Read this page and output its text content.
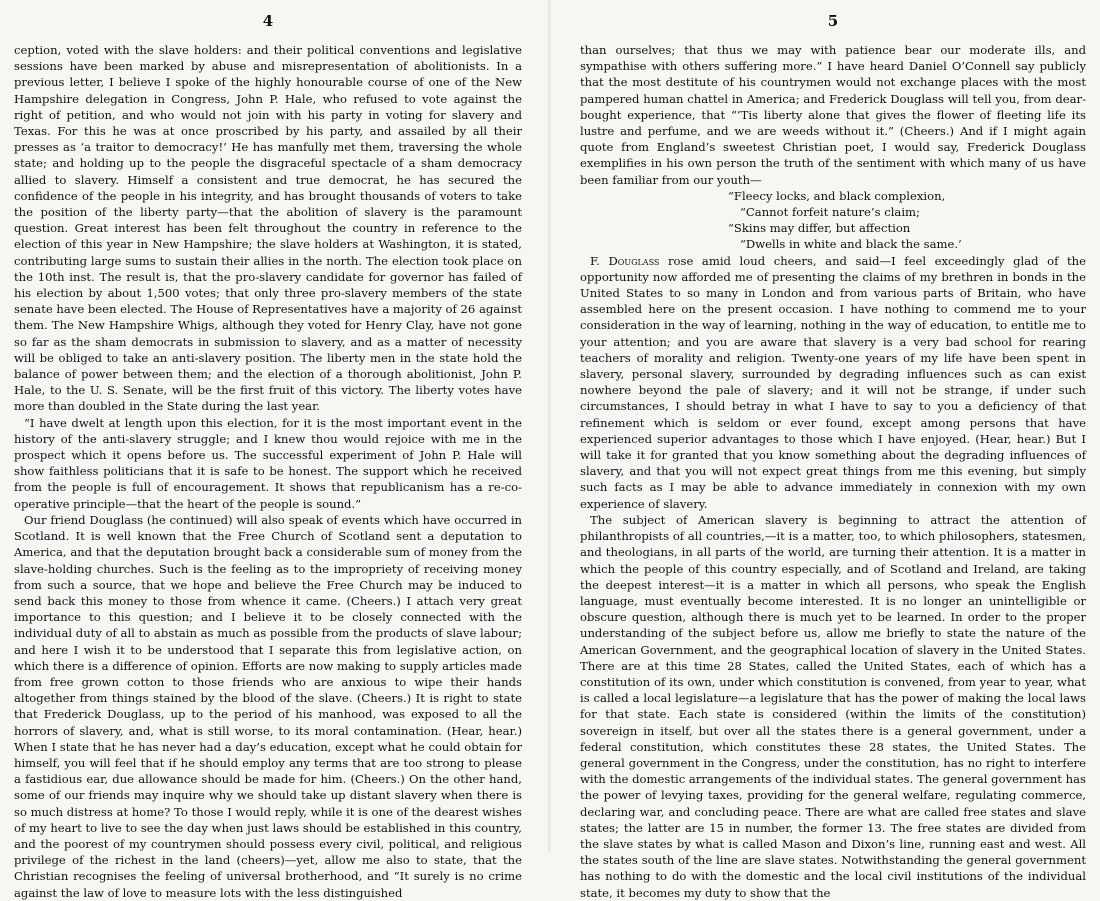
4

ception, voted with the slave holders: and their political conventions and legislative sessions have been marked by abuse and misrepresentation of abolitionists. In a previous letter, I believe I spoke of the highly honourable course of one of the New Hampshire delegation in Congress, John P. Hale, who refused to vote against the right of petition, and who would not join with his party in voting for slavery and Texas. For this he was at once proscribed by his party, and assailed by all their presses as ‘a traitor to democracy!’ He has manfully met them, traversing the whole state; and holding up to the people the disgraceful spectacle of a sham democracy allied to slavery. Himself a consistent and true democrat, he has secured the confidence of the people in his integrity, and has brought thousands of voters to take the position of the liberty party—that the abolition of slavery is the paramount question. Great interest has been felt throughout the country in reference to the election of this year in New Hampshire; the slave holders at Washington, it is stated, contributing large sums to sustain their allies in the north. The election took place on the 10th inst. The result is, that the pro-slavery candidate for governor has failed of his election by about 1,500 votes; that only three pro-slavery members of the state senate have been elected. The House of Representatives have a majority of 26 against them. The New Hampshire Whigs, although they voted for Henry Clay, have not gone so far as the sham democrats in submission to slavery, and as a matter of necessity will be obliged to take an anti-slavery position. The liberty men in the state hold the balance of power between them; and the election of a thorough abolitionist, John P. Hale, to the U. S. Senate, will be the first fruit of this victory. The liberty votes have more than doubled in the State during the last year.

“I have dwelt at length upon this election, for it is the most important event in the history of the anti-slavery struggle; and I knew thou would rejoice with me in the prospect which it opens before us. The successful experiment of John P. Hale will show faithless politicians that it is safe to be honest. The support which he received from the people is full of encouragement. It shows that republicanism has a re-co-operative principle—that the heart of the people is sound.”

Our friend Douglass (he continued) will also speak of events which have occurred in Scotland. It is well known that the Free Church of Scotland sent a deputation to America, and that the deputation brought back a considerable sum of money from the slave-holding churches. Such is the feeling as to the impropriety of receiving money from such a source, that we hope and believe the Free Church may be induced to send back this money to those from whence it came. (Cheers.) I attach very great importance to this question; and I believe it to be closely connected with the individual duty of all to abstain as much as possible from the products of slave labour; and here I wish it to be understood that I separate this from legislative action, on which there is a difference of opinion. Efforts are now making to supply articles made from free grown cotton to those friends who are anxious to wipe their hands altogether from things stained by the blood of the slave. (Cheers.) It is right to state that Frederick Douglass, up to the period of his manhood, was exposed to all the horrors of slavery, and, what is still worse, to its moral contamination. (Hear, hear.) When I state that he has never had a day’s education, except what he could obtain for himself, you will feel that if he should employ any terms that are too strong to please a fastidious ear, due allowance should be made for him. (Cheers.) On the other hand, some of our friends may inquire why we should take up distant slavery when there is so much distress at home? To those I would reply, while it is one of the dearest wishes of my heart to live to see the day when just laws should be established in this country, and the poorest of my countrymen should possess every civil, political, and religious privilege of the richest in the land (cheers)—yet, allow me also to state, that the Christian recognises the feeling of universal brotherhood, and “It surely is no crime against the law of love to measure lots with the less distinguished

5

than ourselves; that thus we may with patience bear our moderate ills, and sympathise with others suffering more.” I have heard Daniel O’Connell say publicly that the most destitute of his countrymen would not exchange places with the most pampered human chattel in America; and Frederick Douglass will tell you, from dear-bought experience, that “’Tis liberty alone that gives the flower of fleeting life its lustre and perfume, and we are weeds without it.” (Cheers.) And if I might again quote from England’s sweetest Christian poet, I would say, Frederick Douglass exemplifies in his own person the truth of the sentiment with which many of us have been familiar from our youth—

“Fleecy locks, and black complexion,
“Cannot forfeit nature’s claim;
“Skins may differ, but affection
“Dwells in white and black the same.’

F. Douglass rose amid loud cheers, and said—I feel exceedingly glad of the opportunity now afforded me of presenting the claims of my brethren in bonds in the United States to so many in London and from various parts of Britain, who have assembled here on the present occasion. I have nothing to commend me to your consideration in the way of learning, nothing in the way of education, to entitle me to your attention; and you are aware that slavery is a very bad school for rearing teachers of morality and religion. Twenty-one years of my life have been spent in slavery, personal slavery, surrounded by degrading influences such as can exist nowhere beyond the pale of slavery; and it will not be strange, if under such circumstances, I should betray in what I have to say to you a deficiency of that refinement which is seldom or ever found, except among persons that have experienced superior advantages to those which I have enjoyed. (Hear, hear.) But I will take it for granted that you know something about the degrading influences of slavery, and that you will not expect great things from me this evening, but simply such facts as I may be able to advance immediately in connexion with my own experience of slavery.

The subject of American slavery is beginning to attract the attention of philanthropists of all countries,—it is a matter, too, to which philosophers, statesmen, and theologians, in all parts of the world, are turning their attention. It is a matter in which the people of this country especially, and of Scotland and Ireland, are taking the deepest interest—it is a matter in which all persons, who speak the English language, must eventually become interested. It is no longer an unintelligible or obscure question, although there is much yet to be learned. In order to the proper understanding of the subject before us, allow me briefly to state the nature of the American Government, and the geographical location of slavery in the United States. There are at this time 28 States, called the United States, each of which has a constitution of its own, under which constitution is convened, from year to year, what is called a local legislature—a legislature that has the power of making the local laws for that state. Each state is considered (within the limits of the constitution) sovereign in itself, but over all the states there is a general government, under a federal constitution, which constitutes these 28 states, the United States. The general government in the Congress, under the constitution, has no right to interfere with the domestic arrangements of the individual states. The general government has the power of levying taxes, providing for the general welfare, regulating commerce, declaring war, and concluding peace. There are what are called free states and slave states; the latter are 15 in number, the former 13. The free states are divided from the slave states by what is called Mason and Dixon’s line, running east and west. All the states south of the line are slave states. Notwithstanding the general government has nothing to do with the domestic and the local civil institutions of the individual state, it becomes my duty to show that the
